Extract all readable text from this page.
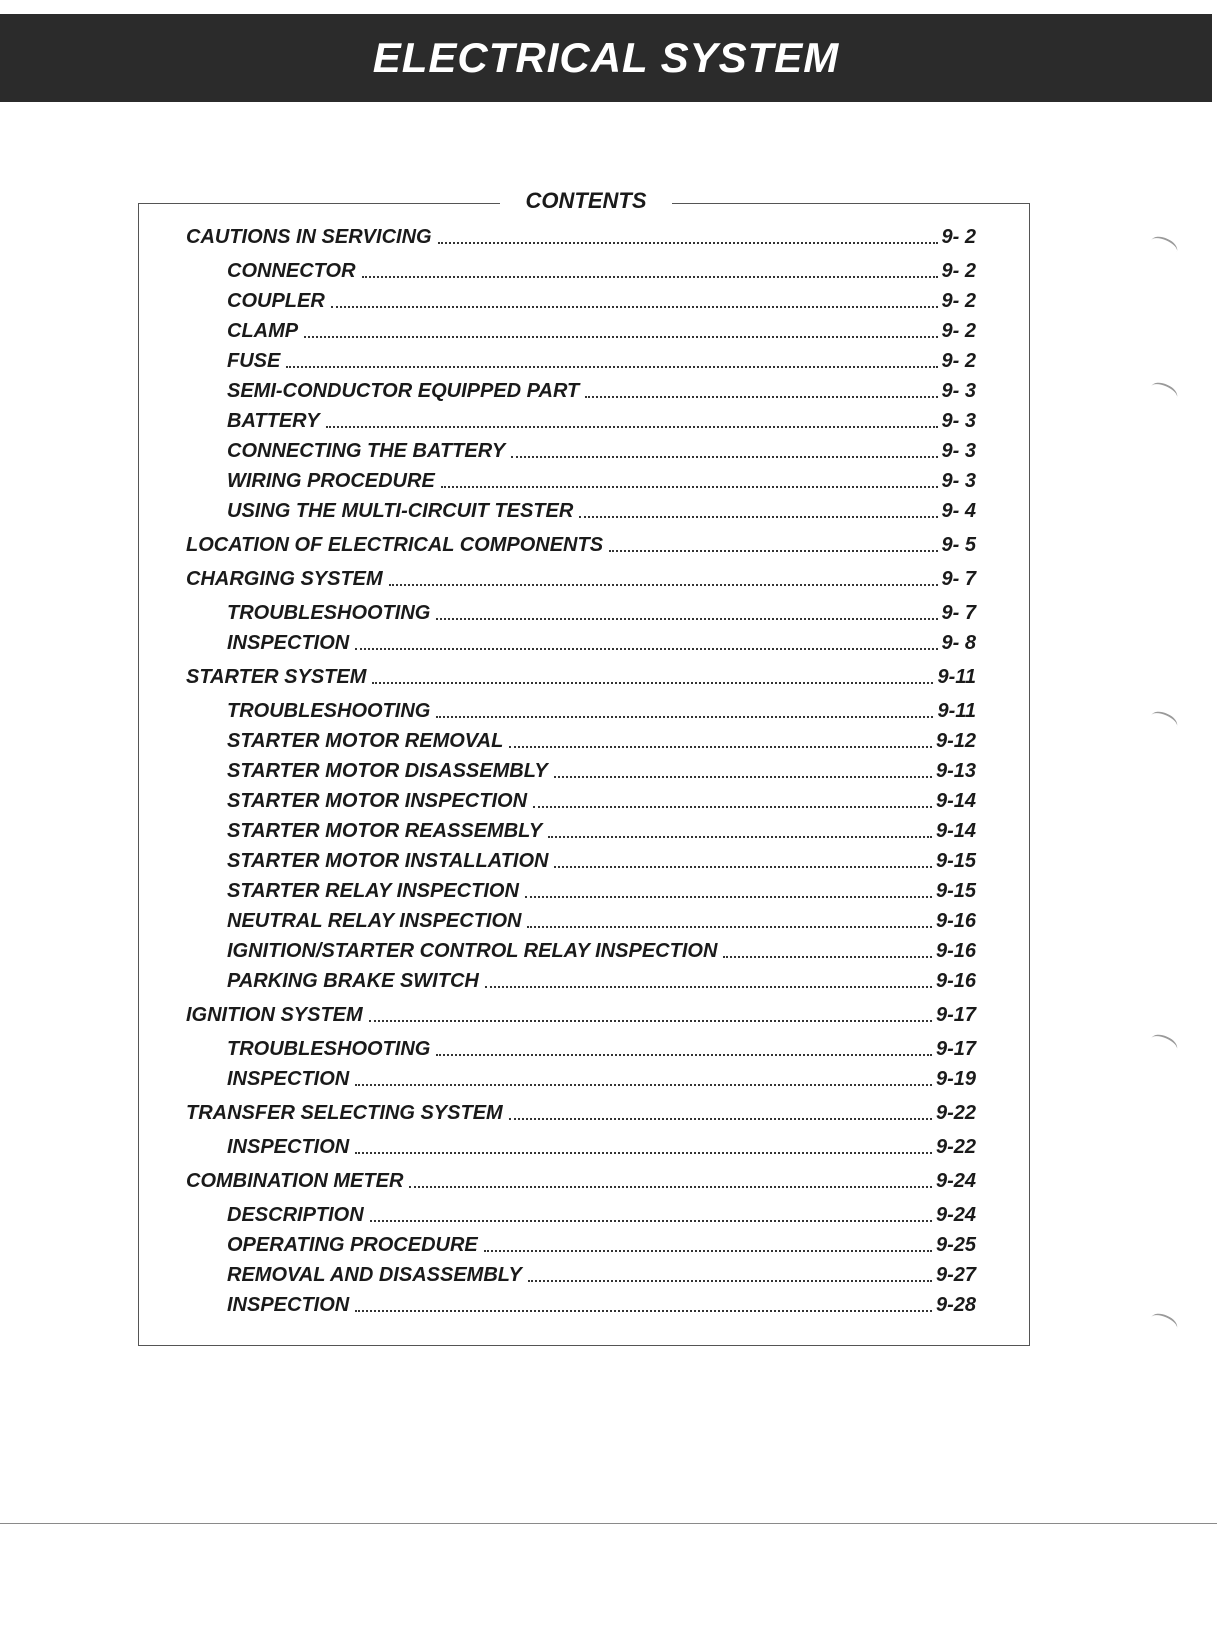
ELECTRICAL SYSTEM
CONTENTS
CAUTIONS IN SERVICING	9- 2
CONNECTOR	9- 2
COUPLER	9- 2
CLAMP	9- 2
FUSE	9- 2
SEMI-CONDUCTOR EQUIPPED PART	9- 3
BATTERY	9- 3
CONNECTING THE BATTERY	9- 3
WIRING PROCEDURE	9- 3
USING THE MULTI-CIRCUIT TESTER	9- 4
LOCATION OF ELECTRICAL COMPONENTS	9- 5
CHARGING SYSTEM	9- 7
TROUBLESHOOTING	9- 7
INSPECTION	9- 8
STARTER SYSTEM	9-11
TROUBLESHOOTING	9-11
STARTER MOTOR REMOVAL	9-12
STARTER MOTOR DISASSEMBLY	9-13
STARTER MOTOR INSPECTION	9-14
STARTER MOTOR REASSEMBLY	9-14
STARTER MOTOR INSTALLATION	9-15
STARTER RELAY INSPECTION	9-15
NEUTRAL RELAY INSPECTION	9-16
IGNITION/STARTER CONTROL RELAY INSPECTION	9-16
PARKING BRAKE SWITCH	9-16
IGNITION SYSTEM	9-17
TROUBLESHOOTING	9-17
INSPECTION	9-19
TRANSFER SELECTING SYSTEM	9-22
INSPECTION	9-22
COMBINATION METER	9-24
DESCRIPTION	9-24
OPERATING PROCEDURE	9-25
REMOVAL AND DISASSEMBLY	9-27
INSPECTION	9-28
